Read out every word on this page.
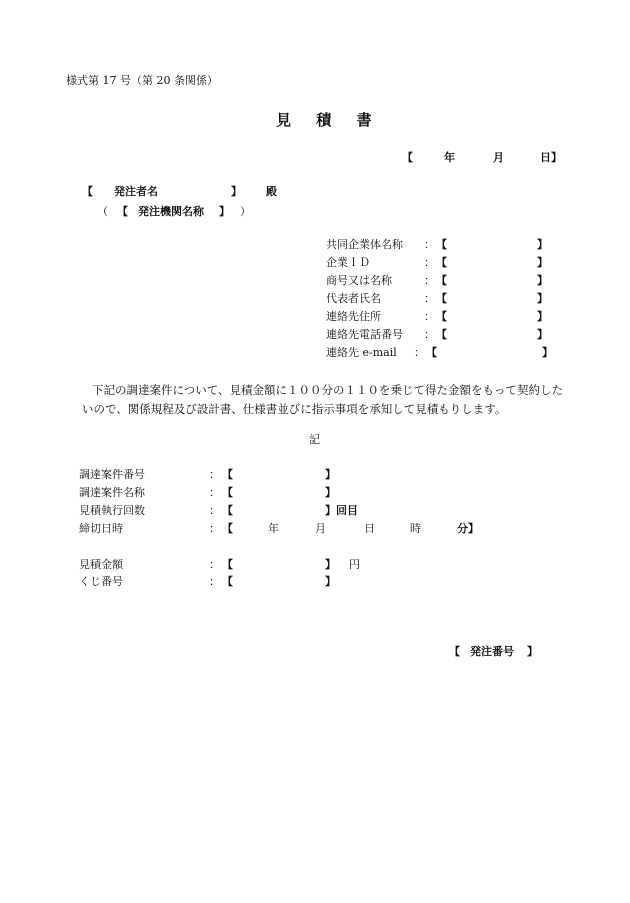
様式第 17 号（第 20 条関係）
見 積 書
【	年	月	日】
【 発注者名	】 殿
（ 【 発注機関名称 】 ）
共同企業体名称 ： 【	】
企業ＩＤ	： 【	】
商号又は名称	： 【	】
代表者氏名	： 【	】
連絡先住所	： 【	】
連絡先電話番号 ： 【	】
連絡先 e-mail ： 【	】
下記の調達案件について、見積金額に１００分の１１０を乗じて得た金額をもって契約したいので、関係規程及び設計書、仕様書並びに指示事項を承知して見積もりします。
記
調達案件番号	： 【	】
調達案件名称	： 【	】
見積執行回数	： 【	】回目
締切日時	： 【	年	月	日	時	分】
見積金額	： 【	】 円
くじ番号	： 【	】
【 発注番号 】
